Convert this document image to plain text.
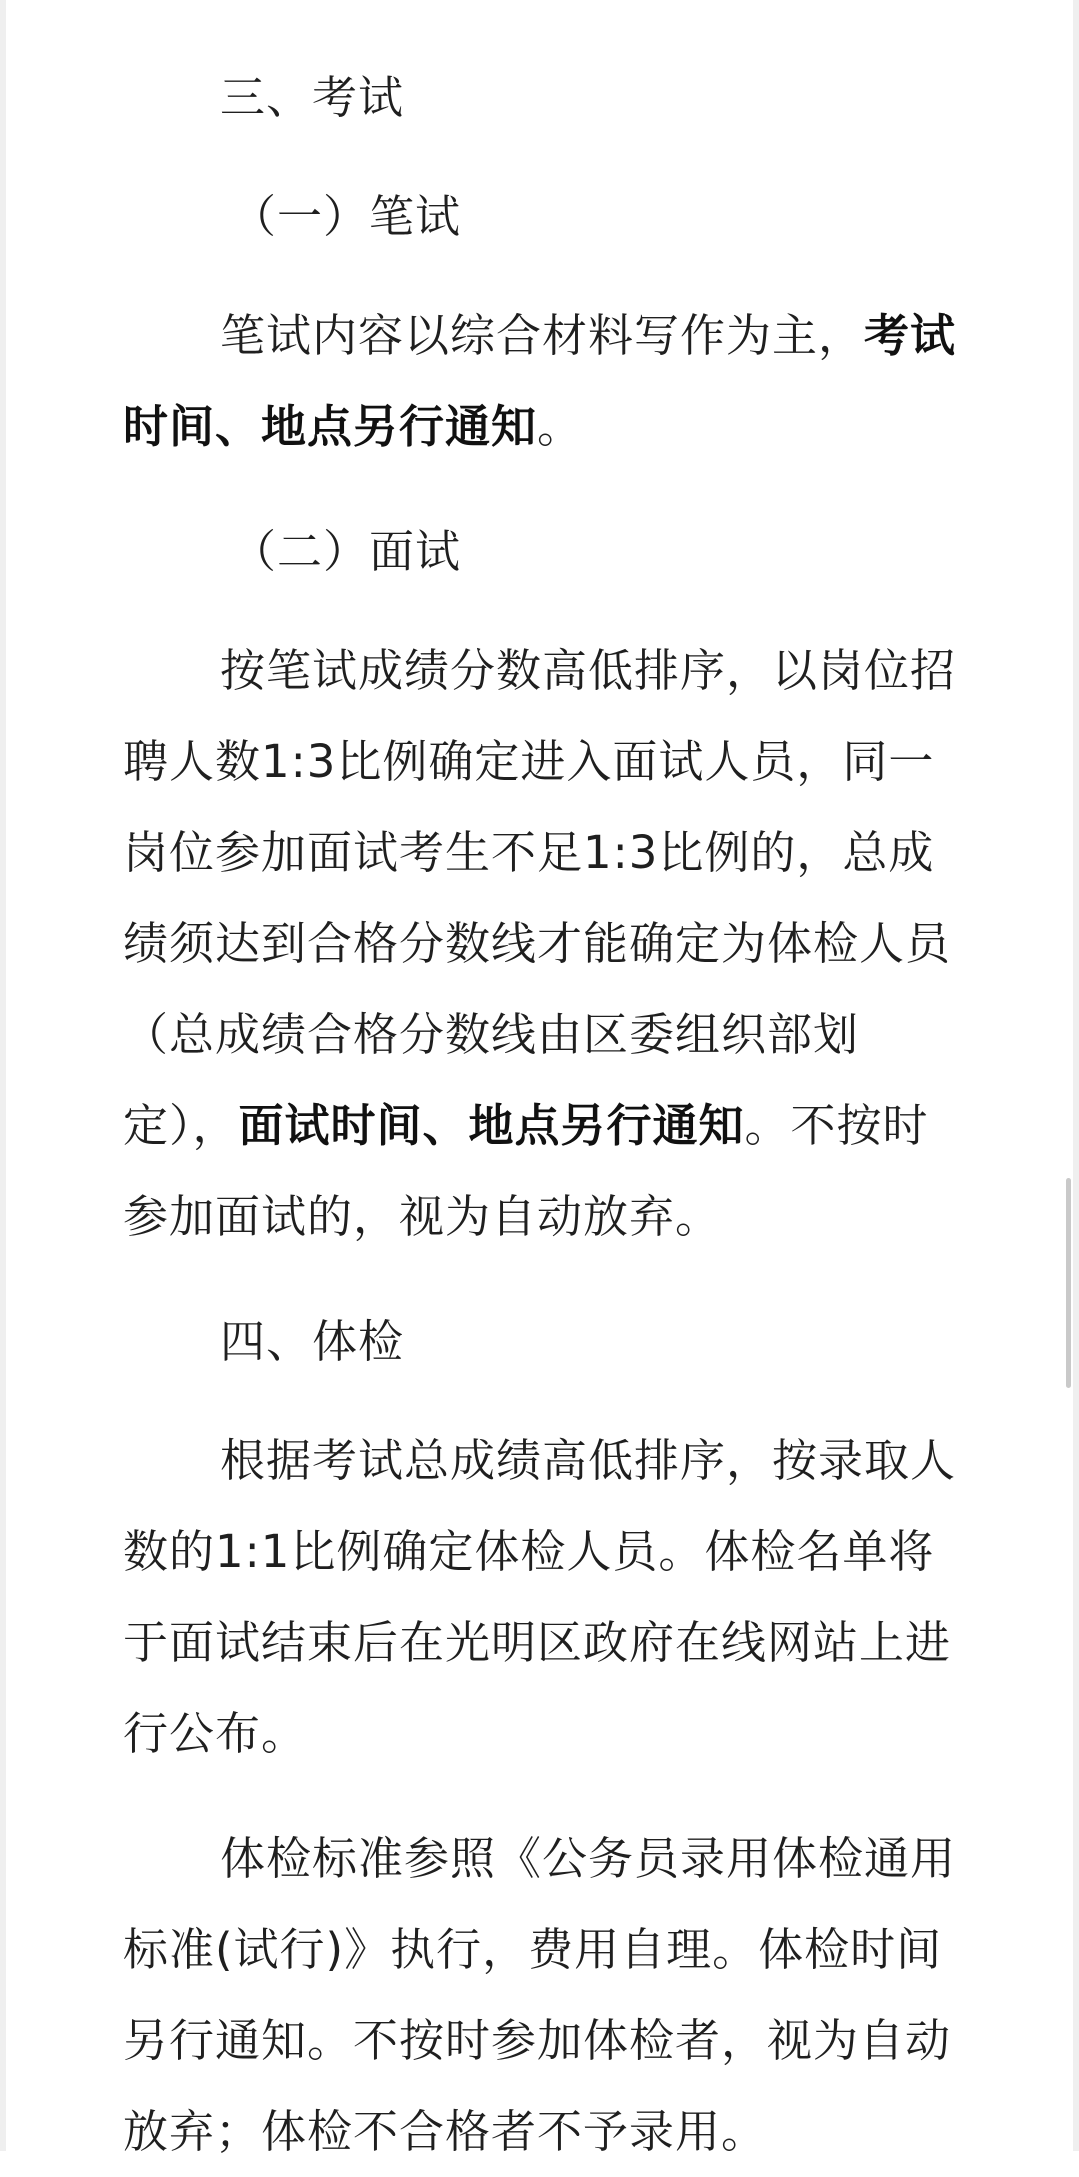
三、考试

（一）笔试

笔试内容以综合材料写作为主，考试时间、地点另行通知。

（二）面试

按笔试成绩分数高低排序，以岗位招聘人数1:3比例确定进入面试人员，同一岗位参加面试考生不足1:3比例的，总成绩须达到合格分数线才能确定为体检人员（总成绩合格分数线由区委组织部划定），面试时间、地点另行通知。不按时参加面试的，视为自动放弃。

四、体检

根据考试总成绩高低排序，按录取人数的1:1比例确定体检人员。体检名单将于面试结束后在光明区政府在线网站上进行公布。

体检标准参照《公务员录用体检通用标准(试行)》执行，费用自理。体检时间另行通知。不按时参加体检者，视为自动放弃；体检不合格者不予录用。
